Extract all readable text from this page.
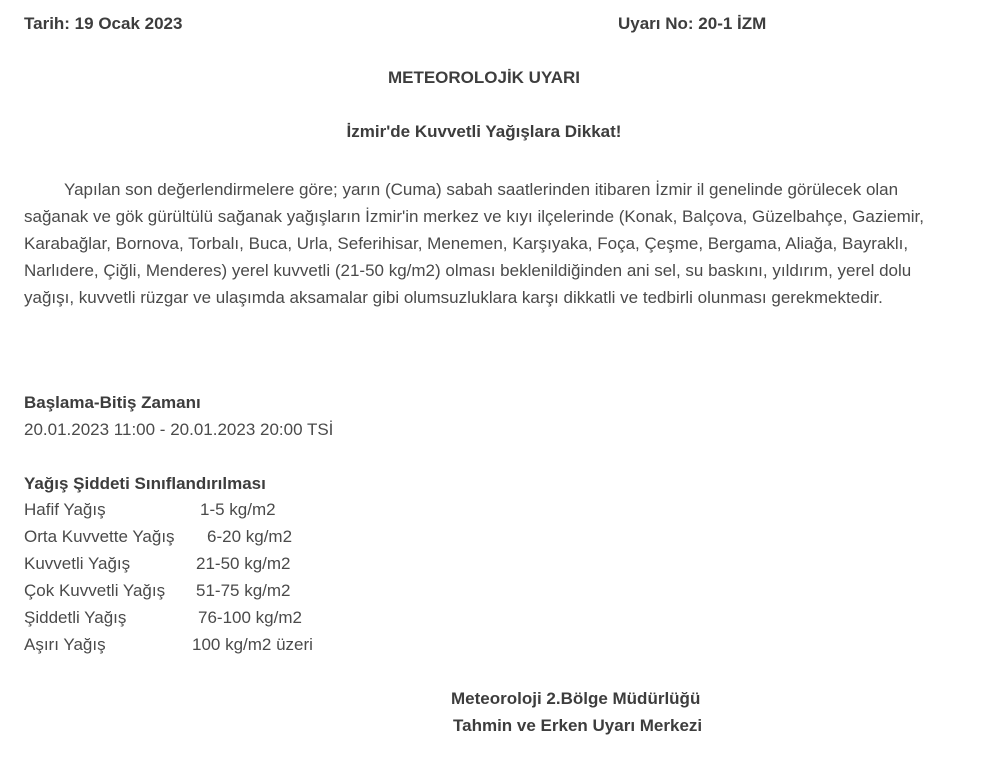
Tarih: 19 Ocak 2023	Uyarı No: 20-1 İZM
METEOROLOJİK UYARI
İzmir'de Kuvvetli Yağışlara Dikkat!
Yapılan son değerlendirmelere göre; yarın (Cuma) sabah saatlerinden itibaren İzmir il genelinde görülecek olan sağanak ve gök gürültülü sağanak yağışların İzmir'in merkez ve kıyı ilçelerinde (Konak, Balçova, Güzelbahçe, Gaziemir, Karabağlar, Bornova, Torbalı, Buca, Urla, Seferihisar, Menemen, Karşıyaka, Foça, Çeşme, Bergama, Aliağa, Bayraklı, Narlıdere, Çiğli, Menderes) yerel kuvvetli (21-50 kg/m2) olması beklenildiğinden ani sel, su baskını, yıldırım, yerel dolu yağışı, kuvvetli rüzgar ve ulaşımda aksamalar gibi olumsuzluklara karşı dikkatli ve tedbirli olunması gerekmektedir.
Başlama-Bitiş Zamanı
20.01.2023 11:00 - 20.01.2023 20:00 TSİ
Yağış Şiddeti Sınıflandırılması
Hafif Yağış	1-5 kg/m2
Orta Kuvvette Yağış 6-20 kg/m2
Kuvvetli Yağış	21-50 kg/m2
Çok Kuvvetli Yağış 51-75 kg/m2
Şiddetli Yağış	76-100 kg/m2
Aşırı Yağış	100 kg/m2 üzeri
Meteoroloji 2.Bölge Müdürlüğü
Tahmin ve Erken Uyarı Merkezi
